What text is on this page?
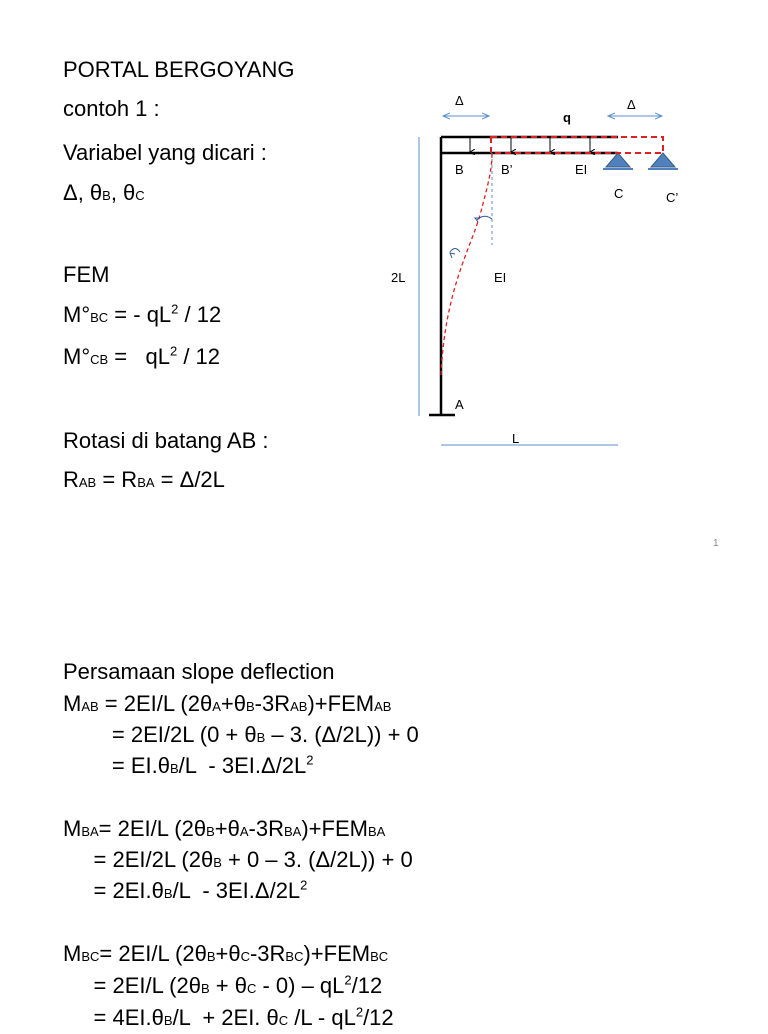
PORTAL BERGOYANG
contoh 1 :
Variabel yang dicari :
Δ, θB, θC
FEM
M°BC = - $qL^2 / 12$
$M^\circ CB = qL^2 / 12$
Rotasi di batang AB :
RAB = RBA = Δ/2L
1
Δ	Δ
q
B	B’	EI
C	C’
2L	EI
A
L
Persamaan slope deflection
MAB = 2EI/L (2θA+θB-3RAB)+FEMAB
= 2EI/2L (0 + θB – 3. (Δ/2L)) + 0
= $EI.\theta B/L - 3EI.\Delta/2L^2$
MBA= 2EI/L (2θB+θA-3RBA)+FEMBA
= 2EI/2L (2θB + 0 – 3. (Δ/2L)) + 0
= $2EI.\theta B/L - 3EI.\Delta/2L^2$
MBC= 2EI/L (2θB+θC-3RBC)+FEMBC
= 2EI/L $(2\theta B + \theta C - 0) - qL^2/12$
= 4EI.θB/L  + 2EI. θC $/L - qL^2/12$
